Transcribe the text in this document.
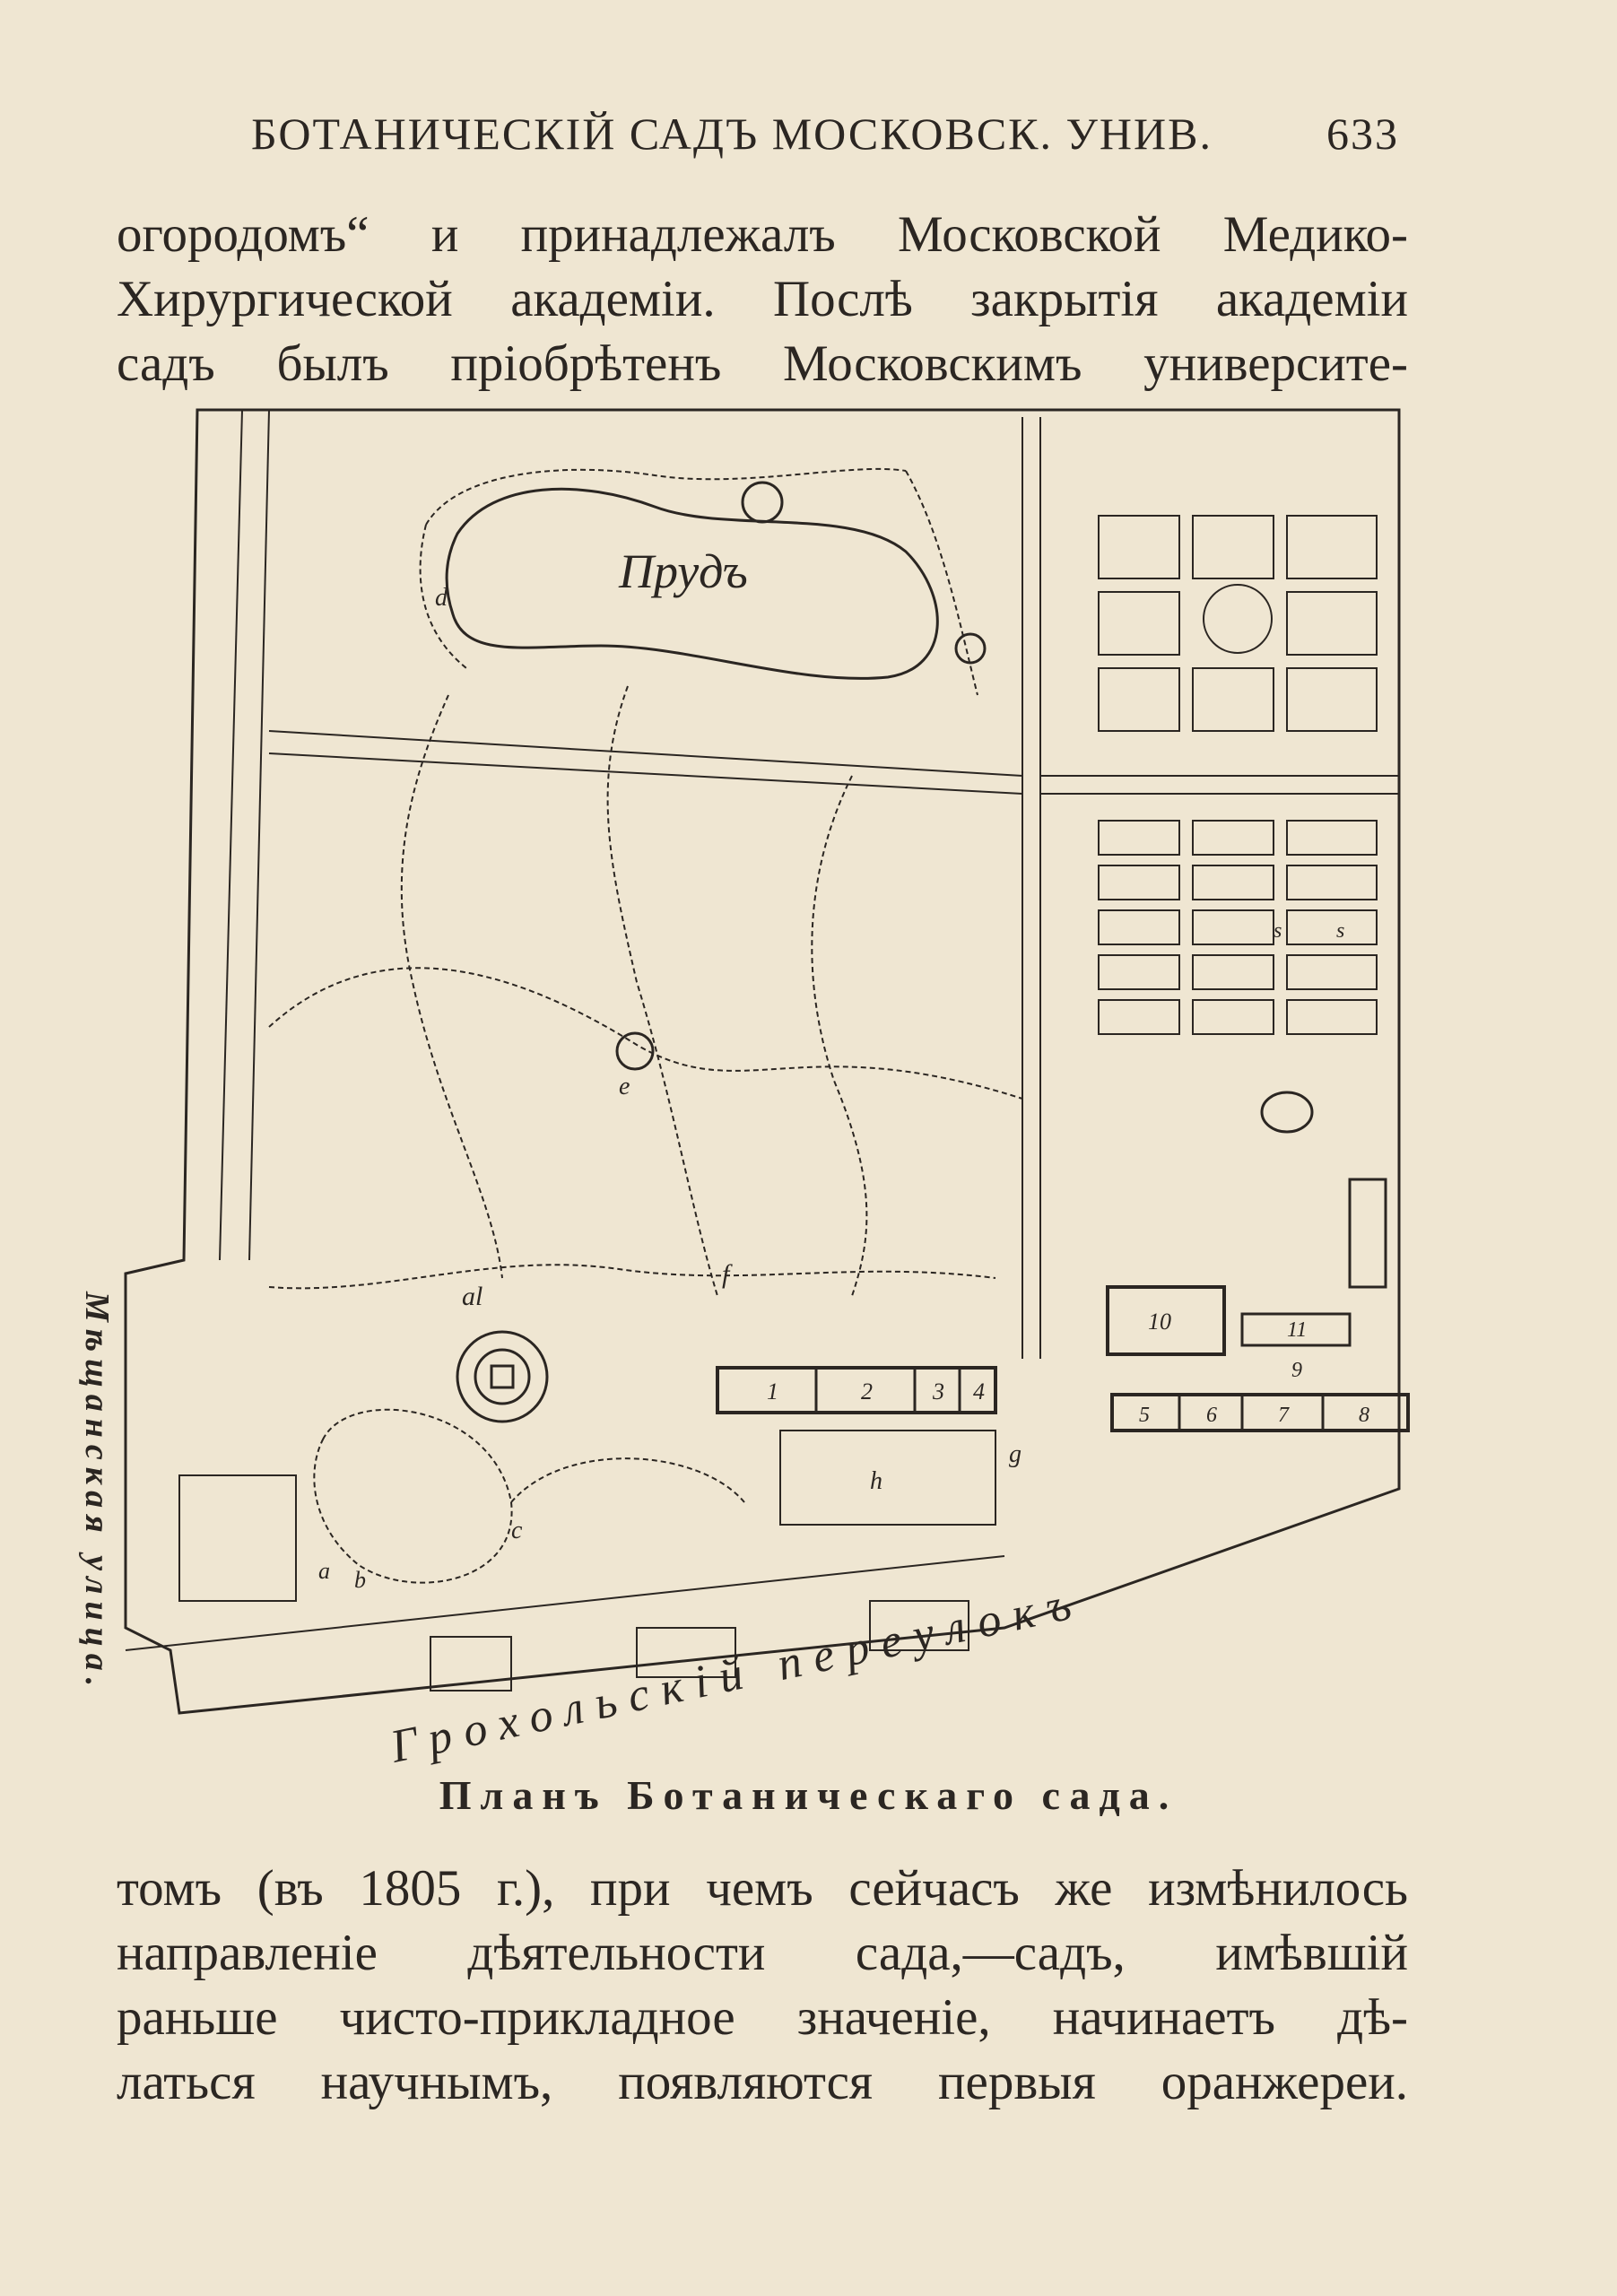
БОТАНИЧЕСКIЙ САДЪ МОСКОВСК. УНИВ.	633
огородомъ“ и принадлежалъ Московской Медико-
Хирургической академiи. Послѣ закрытiя академiи
садъ былъ прiобрѣтенъ Московскимъ университе-
Мѣщанская улица.
Прудъ
d
e
f
al
g
h
c
a b
s	s
1	2	3 4
5	6	7	8
9
10	11
Грохольскiй переулокъ
Планъ Ботаническаго сада.
томъ (въ 1805 г.), при чемъ сейчасъ же измѣнилось
направленiе дѣятельности сада,—садъ, имѣвшiй
раньше чисто-прикладное значенiе, начинаетъ дѣ-
латься научнымъ, появляются первыя оранжереи.
